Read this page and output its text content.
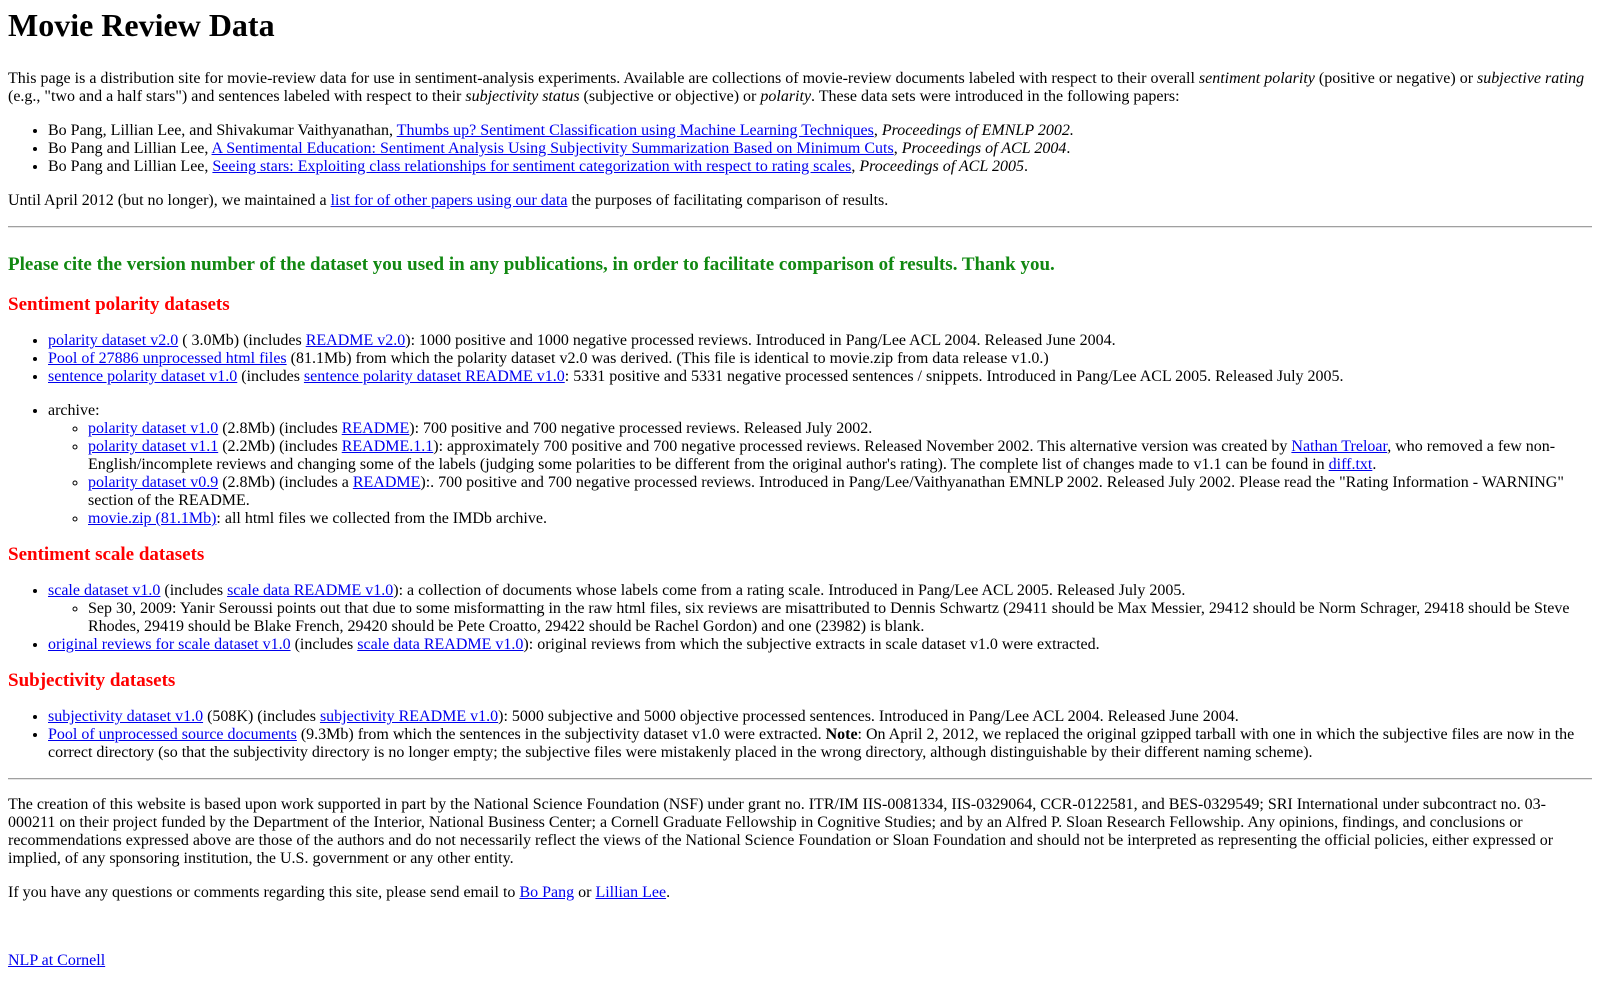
Movie Review Data

This page is a distribution site for movie-review data for use in sentiment-analysis experiments. Available are collections of movie-review documents labeled with respect to their overall sentiment polarity (positive or negative) or subjective rating (e.g., "two and a half stars") and sentences labeled with respect to their subjectivity status (subjective or objective) or polarity. These data sets were introduced in the following papers:

• Bo Pang, Lillian Lee, and Shivakumar Vaithyanathan, Thumbs up? Sentiment Classification using Machine Learning Techniques, Proceedings of EMNLP 2002.
• Bo Pang and Lillian Lee, A Sentimental Education: Sentiment Analysis Using Subjectivity Summarization Based on Minimum Cuts, Proceedings of ACL 2004.
• Bo Pang and Lillian Lee, Seeing stars: Exploiting class relationships for sentiment categorization with respect to rating scales, Proceedings of ACL 2005.

Until April 2012 (but no longer), we maintained a list for of other papers using our data the purposes of facilitating comparison of results.

Please cite the version number of the dataset you used in any publications, in order to facilitate comparison of results. Thank you.
Sentiment polarity datasets
• polarity dataset v2.0 ( 3.0Mb) (includes README v2.0): 1000 positive and 1000 negative processed reviews. Introduced in Pang/Lee ACL 2004. Released June 2004.
• Pool of 27886 unprocessed html files (81.1Mb) from which the polarity dataset v2.0 was derived. (This file is identical to movie.zip from data release v1.0.)
• sentence polarity dataset v1.0 (includes sentence polarity dataset README v1.0: 5331 positive and 5331 negative processed sentences / snippets. Introduced in Pang/Lee ACL 2005. Released July 2005.
• archive:
◦ polarity dataset v1.0 (2.8Mb) (includes README): 700 positive and 700 negative processed reviews. Released July 2002.
◦ polarity dataset v1.1 (2.2Mb) (includes README.1.1): approximately 700 positive and 700 negative processed reviews. Released November 2002. This alternative version was created by Nathan Treloar, who removed a few non-English/incomplete reviews and changing some of the labels (judging some polarities to be different from the original author's rating). The complete list of changes made to v1.1 can be found in diff.txt.
◦ polarity dataset v0.9 (2.8Mb) (includes a README):. 700 positive and 700 negative processed reviews. Introduced in Pang/Lee/Vaithyanathan EMNLP 2002. Released July 2002. Please read the "Rating Information - WARNING" section of the README.
◦ movie.zip (81.1Mb): all html files we collected from the IMDb archive.
Sentiment scale datasets
• scale dataset v1.0 (includes scale data README v1.0): a collection of documents whose labels come from a rating scale. Introduced in Pang/Lee ACL 2005. Released July 2005.
◦ Sep 30, 2009: Yanir Seroussi points out that due to some misformatting in the raw html files, six reviews are misattributed to Dennis Schwartz (29411 should be Max Messier, 29412 should be Norm Schrager, 29418 should be Steve Rhodes, 29419 should be Blake French, 29420 should be Pete Croatto, 29422 should be Rachel Gordon) and one (23982) is blank.
• original reviews for scale dataset v1.0 (includes scale data README v1.0): original reviews from which the subjective extracts in scale dataset v1.0 were extracted.
Subjectivity datasets
• subjectivity dataset v1.0 (508K) (includes subjectivity README v1.0): 5000 subjective and 5000 objective processed sentences. Introduced in Pang/Lee ACL 2004. Released June 2004.
• Pool of unprocessed source documents (9.3Mb) from which the sentences in the subjectivity dataset v1.0 were extracted. Note: On April 2, 2012, we replaced the original gzipped tarball with one in which the subjective files are now in the correct directory (so that the subjectivity directory is no longer empty; the subjective files were mistakenly placed in the wrong directory, although distinguishable by their different naming scheme).

The creation of this website is based upon work supported in part by the National Science Foundation (NSF) under grant no. ITR/IM IIS-0081334, IIS-0329064, CCR-0122581, and BES-0329549; SRI International under subcontract no. 03-000211 on their project funded by the Department of the Interior, National Business Center; a Cornell Graduate Fellowship in Cognitive Studies; and by an Alfred P. Sloan Research Fellowship. Any opinions, findings, and conclusions or recommendations expressed above are those of the authors and do not necessarily reflect the views of the National Science Foundation or Sloan Foundation and should not be interpreted as representing the official policies, either expressed or implied, of any sponsoring institution, the U.S. government or any other entity.

If you have any questions or comments regarding this site, please send email to Bo Pang or Lillian Lee.

NLP at Cornell
